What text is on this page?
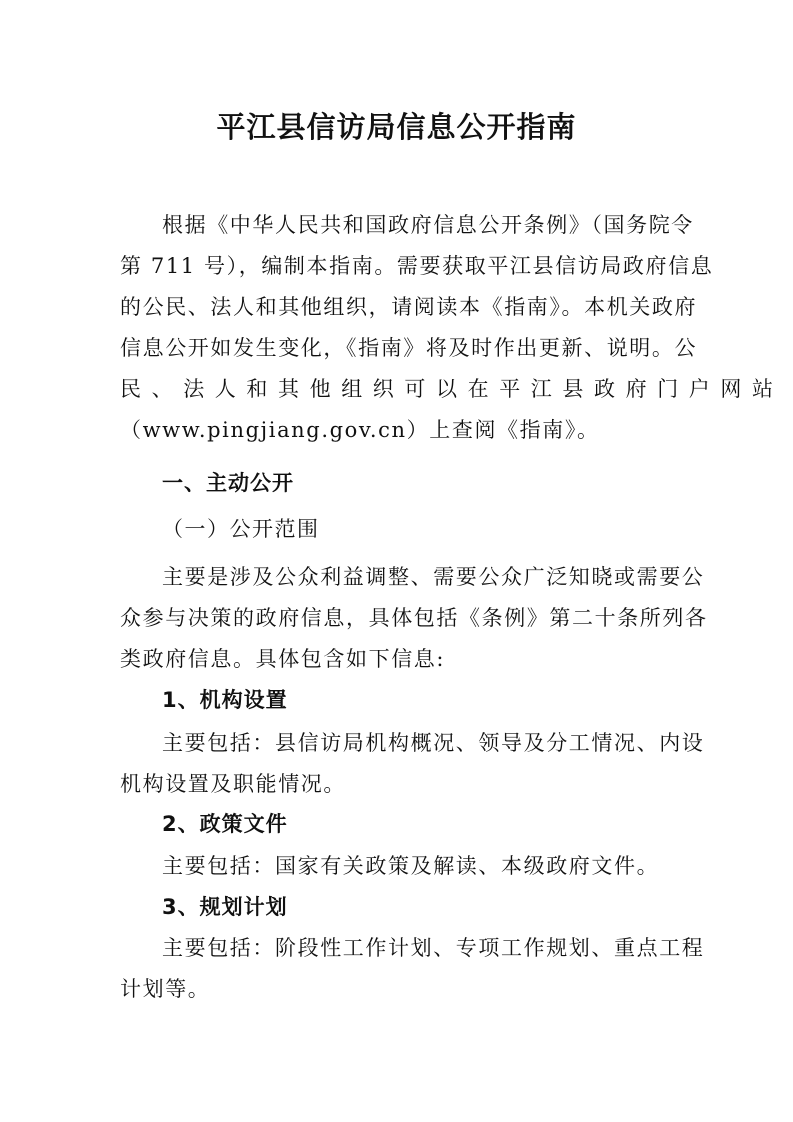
平江县信访局信息公开指南
根据《中华人民共和国政府信息公开条例》（国务院令
第 711 号），编制本指南。需要获取平江县信访局政府信息
的公民、法人和其他组织，请阅读本《指南》。本机关政府
信息公开如发生变化，《指南》将及时作出更新、说明。公
民、法人和其他组织可以在平江县政府门户网站
（www.pingjiang.gov.cn）上查阅《指南》。
一、主动公开

（一）公开范围

主要是涉及公众利益调整、需要公众广泛知晓或需要公
众参与决策的政府信息，具体包括《条例》第二十条所列各
类政府信息。具体包含如下信息:
1、机构设置
主要包括：县信访局机构概况、领导及分工情况、内设
机构设置及职能情况。
2、政策文件
主要包括：国家有关政策及解读、本级政府文件。
3、规划计划
主要包括：阶段性工作计划、专项工作规划、重点工程
计划等。
